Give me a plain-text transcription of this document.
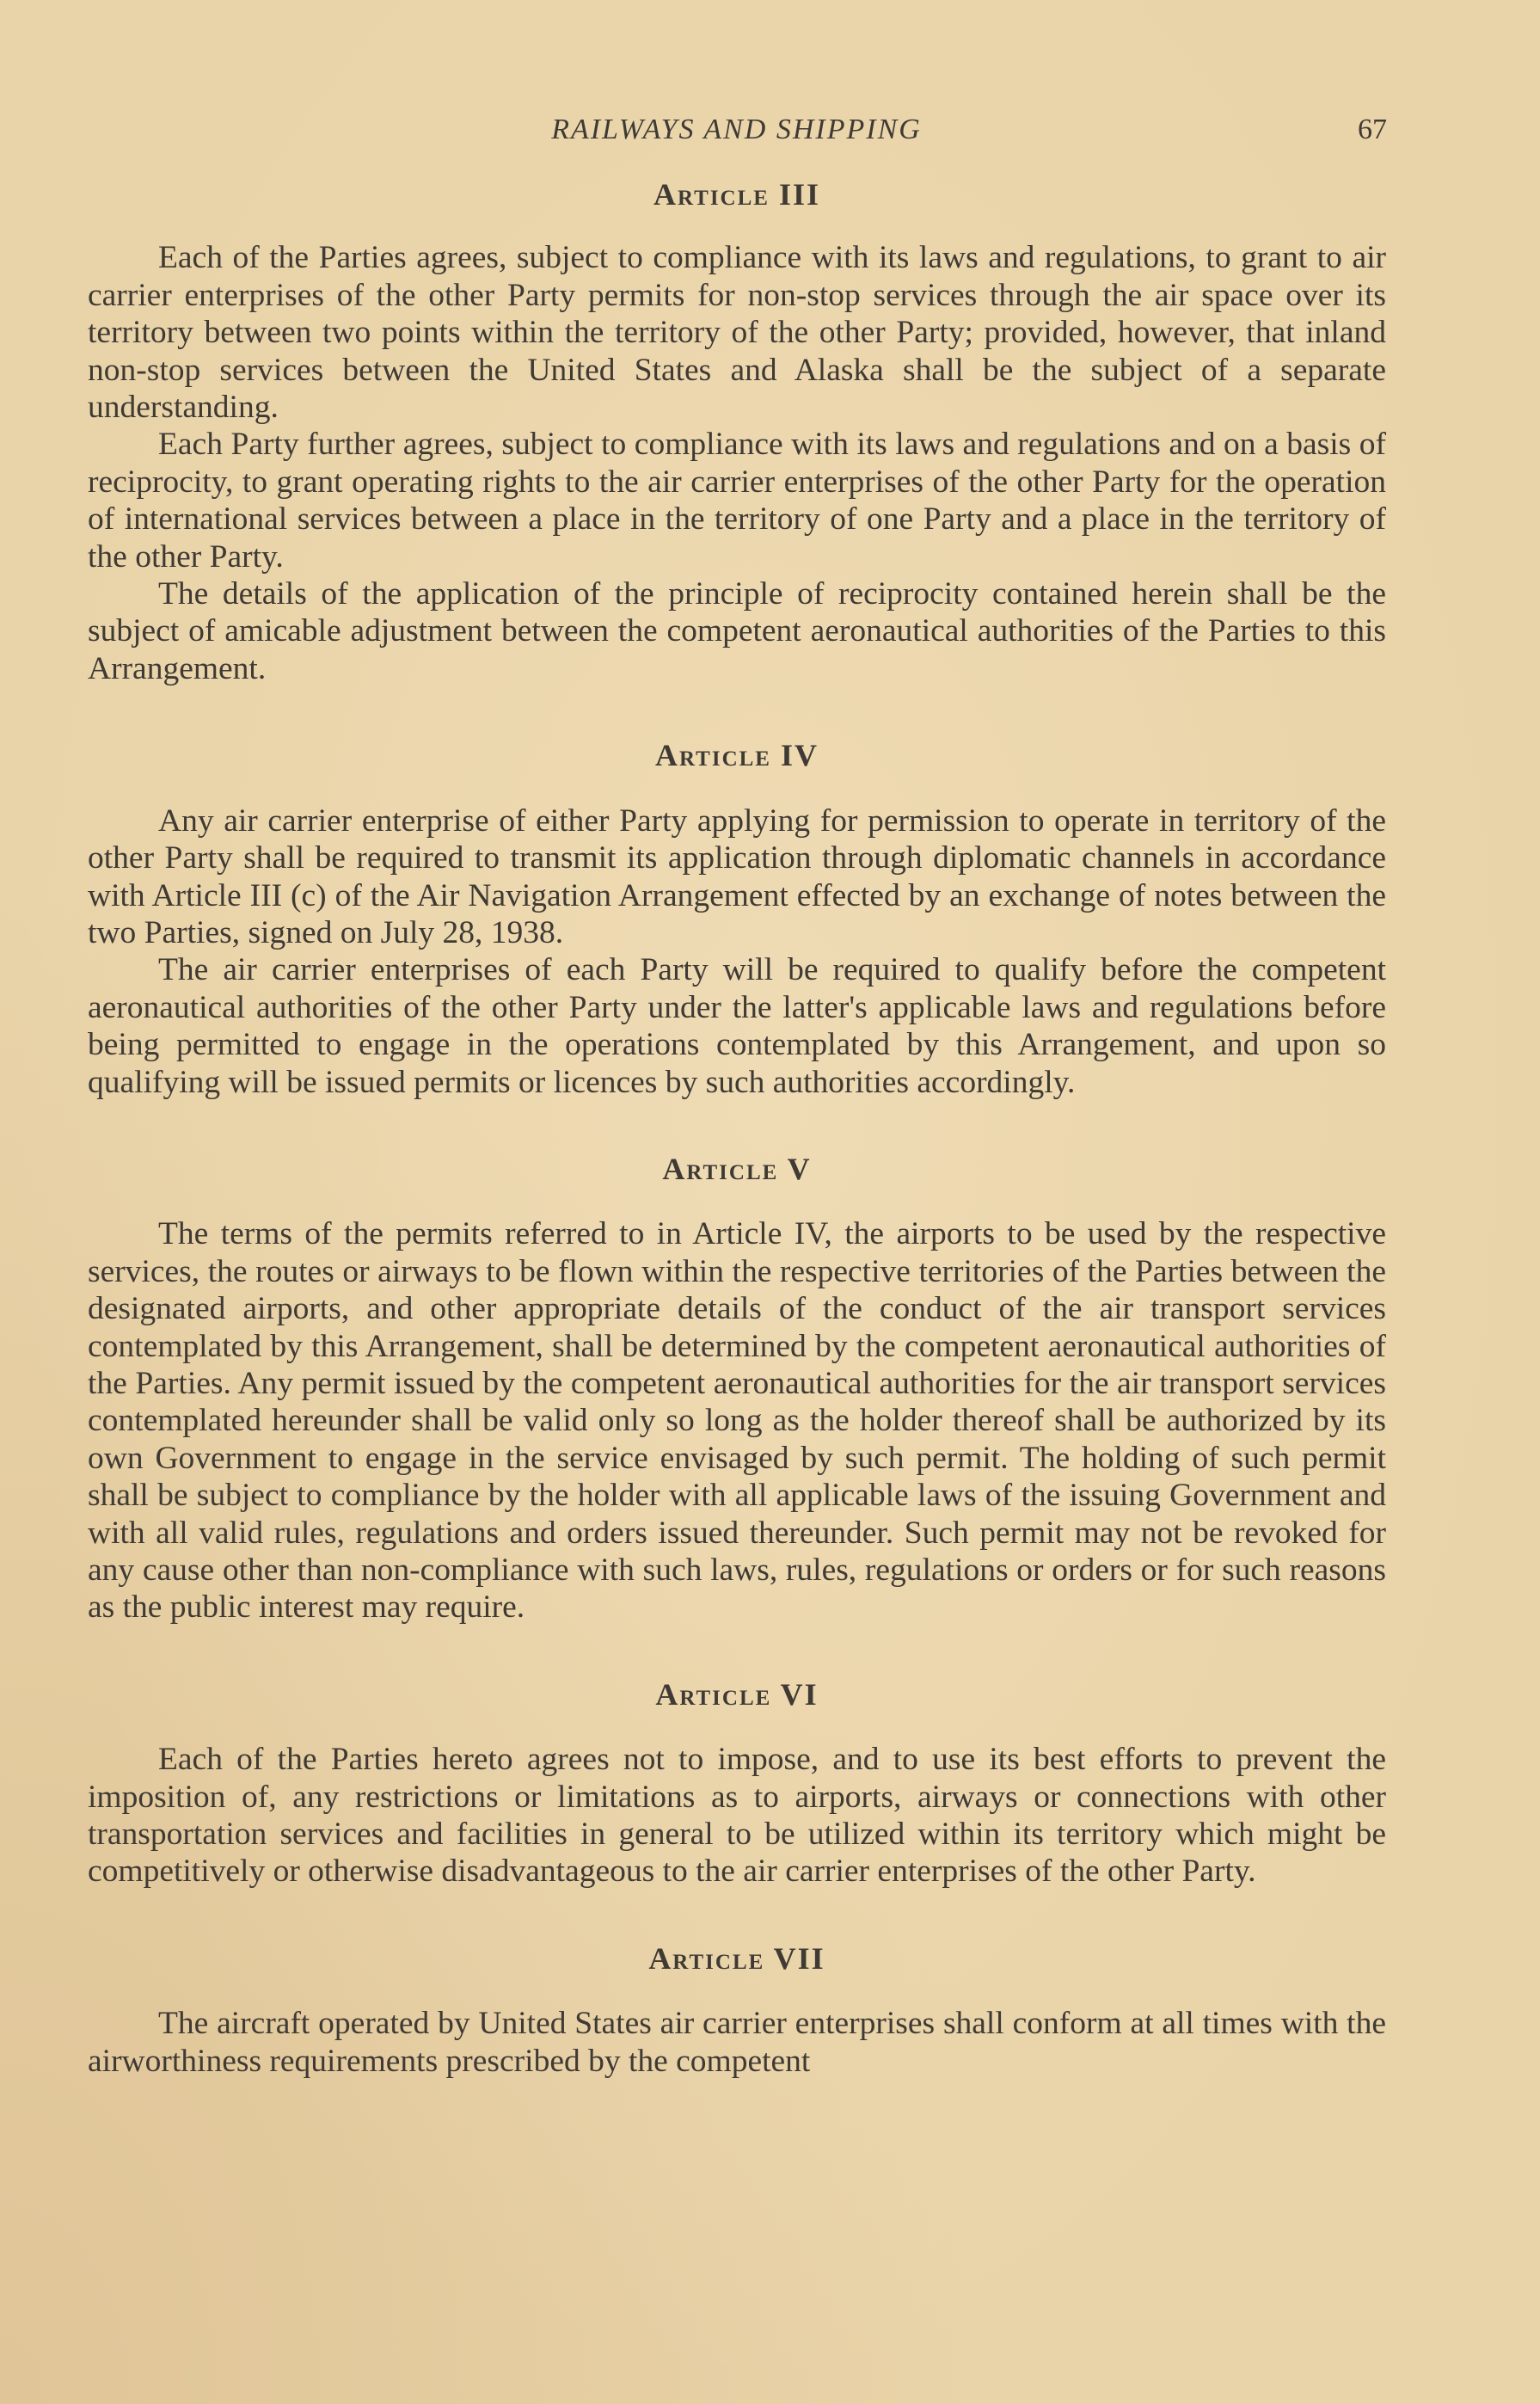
RAILWAYS AND SHIPPING	67
Article III

Each of the Parties agrees, subject to compliance with its laws and regulations, to grant to air carrier enterprises of the other Party permits for non-stop services through the air space over its territory between two points within the territory of the other Party; provided, however, that inland non-stop services between the United States and Alaska shall be the subject of a separate understanding.

Each Party further agrees, subject to compliance with its laws and regulations and on a basis of reciprocity, to grant operating rights to the air carrier enterprises of the other Party for the operation of international services between a place in the territory of one Party and a place in the territory of the other Party.

The details of the application of the principle of reciprocity contained herein shall be the subject of amicable adjustment between the competent aeronautical authorities of the Parties to this Arrangement.

Article IV

Any air carrier enterprise of either Party applying for permission to operate in territory of the other Party shall be required to transmit its application through diplomatic channels in accordance with Article III (c) of the Air Navigation Arrangement effected by an exchange of notes between the two Parties, signed on July 28, 1938.

The air carrier enterprises of each Party will be required to qualify before the competent aeronautical authorities of the other Party under the latter's applicable laws and regulations before being permitted to engage in the operations contemplated by this Arrangement, and upon so qualifying will be issued permits or licences by such authorities accordingly.

Article V

The terms of the permits referred to in Article IV, the airports to be used by the respective services, the routes or airways to be flown within the respective territories of the Parties between the designated airports, and other appropriate details of the conduct of the air transport services contemplated by this Arrangement, shall be determined by the competent aeronautical authorities of the Parties. Any permit issued by the competent aeronautical authorities for the air transport services contemplated hereunder shall be valid only so long as the holder thereof shall be authorized by its own Government to engage in the service envisaged by such permit. The holding of such permit shall be subject to compliance by the holder with all applicable laws of the issuing Government and with all valid rules, regulations and orders issued thereunder. Such permit may not be revoked for any cause other than non-compliance with such laws, rules, regulations or orders or for such reasons as the public interest may require.

Article VI

Each of the Parties hereto agrees not to impose, and to use its best efforts to prevent the imposition of, any restrictions or limitations as to airports, airways or connections with other transportation services and facilities in general to be utilized within its territory which might be competitively or otherwise disadvantageous to the air carrier enterprises of the other Party.

Article VII

The aircraft operated by United States air carrier enterprises shall conform at all times with the airworthiness requirements prescribed by the competent
